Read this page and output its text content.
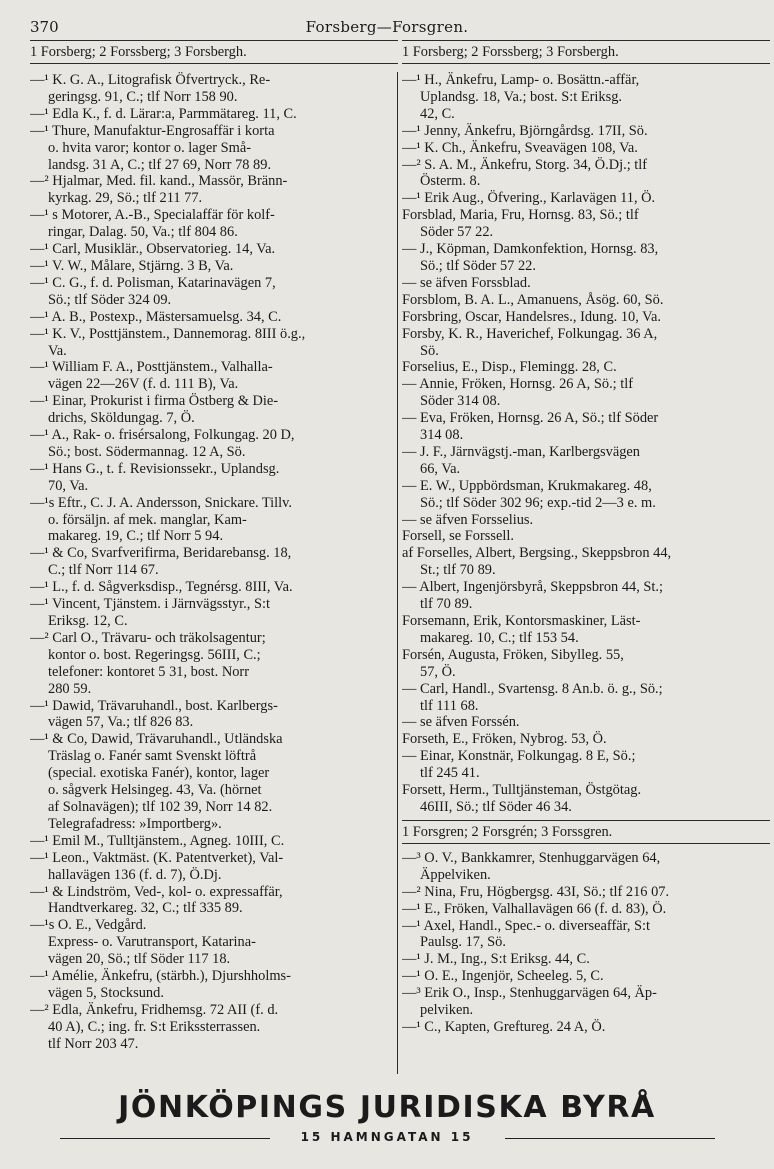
370	Forsberg—Forsgren.
1 Forsberg; 2 Forssberg; 3 Forsbergh.
—¹ K. G. A., Litografisk Öfvertryck., Re-
geringsg. 91, C.; tlf Norr 158 90.
—¹ Edla K., f. d. Lärar:a, Parmmätareg. 11, C.
—¹ Thure, Manufaktur-Engrosaffär i korta
o. hvita varor; kontor o. lager Små-
landsg. 31 A, C.; tlf 27 69, Norr 78 89.
—² Hjalmar, Med. fil. kand., Massör, Bränn-
kyrkag. 29, Sö.; tlf 211 77.
—¹ s Motorer, A.-B., Specialaffär för kolf-
ringar, Dalag. 50, Va.; tlf 804 86.
—¹ Carl, Musiklär., Observatorieg. 14, Va.
—¹ V. W., Målare, Stjärng. 3 B, Va.
—¹ C. G., f. d. Polisman, Katarinavägen 7,
Sö.; tlf Söder 324 09.
—¹ A. B., Postexp., Mästersamuelsg. 34, C.
—¹ K. V., Posttjänstem., Dannemorag. 8III ö.g.,
Va.
—¹ William F. A., Posttjänstem., Valhalla-
vägen 22—26V (f. d. 111 B), Va.
—¹ Einar, Prokurist i firma Östberg & Die-
drichs, Sköldungag. 7, Ö.
—¹ A., Rak- o. frisérsalong, Folkungag. 20 D,
Sö.; bost. Södermannag. 12 A, Sö.
—¹ Hans G., t. f. Revisionssekr., Uplandsg.
70, Va.
—¹s Eftr., C. J. A. Andersson, Snickare. Tillv.
o. försäljn. af mek. manglar, Kam-
makareg. 19, C.; tlf Norr 5 94.
—¹ & Co, Svarfverifirma, Beridarebansg. 18,
C.; tlf Norr 114 67.
—¹ L., f. d. Sågverksdisp., Tegnérsg. 8III, Va.
—¹ Vincent, Tjänstem. i Järnvägsstyr., S:t
Eriksg. 12, C.
—² Carl O., Trävaru- och träkolsagentur;
kontor o. bost. Regeringsg. 56III, C.;
telefoner: kontoret 5 31, bost. Norr
280 59.
—¹ Dawid, Trävaruhandl., bost. Karlbergs-
vägen 57, Va.; tlf 826 83.
—¹ & Co, Dawid, Trävaruhandl., Utländska
Träslag o. Fanér samt Svenskt löftrå
(special. exotiska Fanér), kontor, lager
o. sågverk Helsingeg. 43, Va. (hörnet
af Solnavägen); tlf 102 39, Norr 14 82.
Telegrafadress: »Importberg».
—¹ Emil M., Tulltjänstem., Agneg. 10III, C.
—¹ Leon., Vaktmäst. (K. Patentverket), Val-
hallavägen 136 (f. d. 7), Ö.Dj.
—¹ & Lindström, Ved-, kol- o. expressaffär,
Handtverkareg. 32, C.; tlf 335 89.
—¹s O. E., Vedgård.
Express- o. Varutransport, Katarina-
vägen 20, Sö.; tlf Söder 117 18.
—¹ Amélie, Änkefru, (stärbh.), Djurshholms-
vägen 5, Stocksund.
—² Edla, Änkefru, Fridhemsg. 72 AII (f. d.
40 A), C.; ing. fr. S:t Erikssterrassen.
tlf Norr 203 47.
1 Forsberg; 2 Forssberg; 3 Forsbergh.
—¹ H., Änkefru, Lamp- o. Bosättn.-affär,
Uplandsg. 18, Va.; bost. S:t Eriksg.
42, C.
—¹ Jenny, Änkefru, Björngårdsg. 17II, Sö.
—¹ K. Ch., Änkefru, Sveavägen 108, Va.
—² S. A. M., Änkefru, Storg. 34, Ö.Dj.; tlf
Österm. 8.
—¹ Erik Aug., Öfvering., Karlavägen 11, Ö.
Forsblad, Maria, Fru, Hornsg. 83, Sö.; tlf
Söder 57 22.
— J., Köpman, Damkonfektion, Hornsg. 83,
Sö.; tlf Söder 57 22.
— se äfven Forssblad.
Forsblom, B. A. L., Amanuens, Åsög. 60, Sö.
Forsbring, Oscar, Handelsres., Idung. 10, Va.
Forsby, K. R., Haverichef, Folkungag. 36 A,
Sö.
Forselius, E., Disp., Flemingg. 28, C.
— Annie, Fröken, Hornsg. 26 A, Sö.; tlf
Söder 314 08.
— Eva, Fröken, Hornsg. 26 A, Sö.; tlf Söder
314 08.
— J. F., Järnvägstj.-man, Karlbergsvägen
66, Va.
— E. W., Uppbördsman, Krukmakareg. 48,
Sö.; tlf Söder 302 96; exp.-tid 2—3 e. m.
— se äfven Forsselius.
Forsell, se Forssell.
af Forselles, Albert, Bergsing., Skeppsbron 44,
St.; tlf 70 89.
— Albert, Ingenjörsbyrå, Skeppsbron 44, St.;
tlf 70 89.
Forsemann, Erik, Kontorsmaskiner, Läst-
makareg. 10, C.; tlf 153 54.
Forsén, Augusta, Fröken, Sibylleg. 55,
57, Ö.
— Carl, Handl., Svartensg. 8 An.b. ö. g., Sö.;
tlf 111 68.
— se äfven Forssén.
Forseth, E., Fröken, Nybrog. 53, Ö.
— Einar, Konstnär, Folkungag. 8 E, Sö.;
tlf 245 41.
Forsett, Herm., Tulltjänsteman, Östgötag.
46III, Sö.; tlf Söder 46 34.
1 Forsgren; 2 Forsgrén; 3 Forssgren.
—³ O. V., Bankkamrer, Stenhuggarvägen 64,
Äppelviken.
—² Nina, Fru, Högbergsg. 43I, Sö.; tlf 216 07.
—¹ E., Fröken, Valhallavägen 66 (f. d. 83), Ö.
—¹ Axel, Handl., Spec.- o. diverseaffär, S:t
Paulsg. 17, Sö.
—¹ J. M., Ing., S:t Eriksg. 44, C.
—¹ O. E., Ingenjör, Scheeleg. 5, C.
—³ Erik O., Insp., Stenhuggarvägen 64, Äp-
pelviken.
—¹ C., Kapten, Greftureg. 24 A, Ö.
JÖNKÖPINGS JURIDISKA BYRÅ
15 HAMNGATAN 15
